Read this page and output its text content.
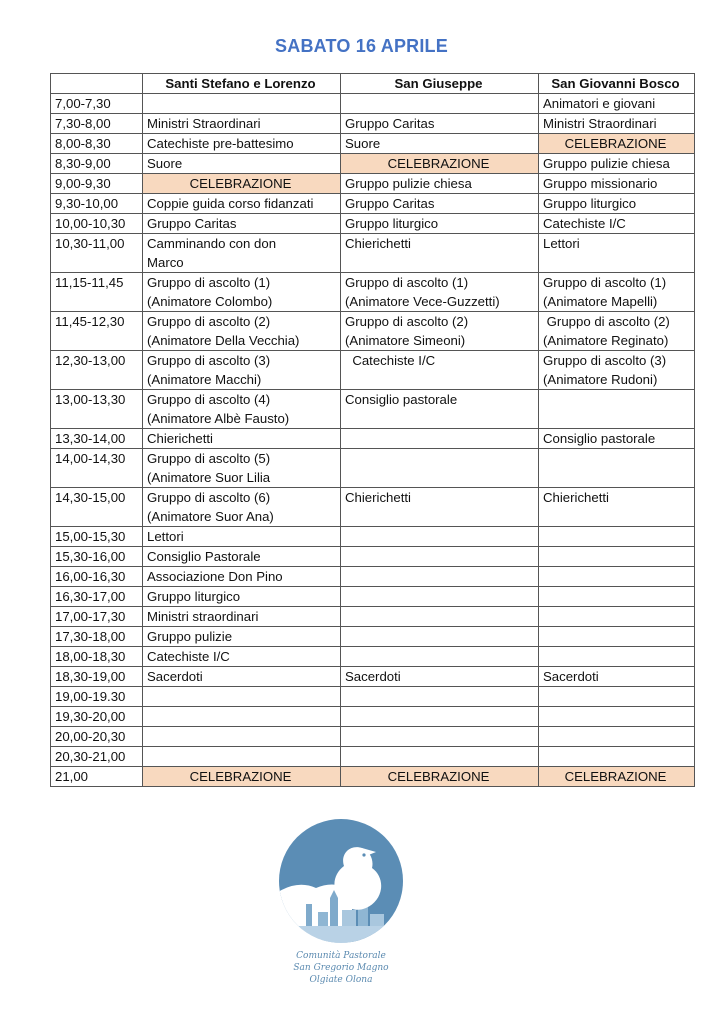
SABATO 16 APRILE
	Santi Stefano e Lorenzo	San Giuseppe	San Giovanni Bosco
7,00-7,30			Animatori e giovani
7,30-8,00	Ministri Straordinari	Gruppo Caritas	Ministri Straordinari
8,00-8,30	Catechiste pre-battesimo	Suore	CELEBRAZIONE
8,30-9,00	Suore	CELEBRAZIONE	Gruppo pulizie chiesa
9,00-9,30	CELEBRAZIONE	Gruppo pulizie chiesa	Gruppo missionario
9,30-10,00	Coppie guida corso fidanzati	Gruppo Caritas	Gruppo liturgico
10,00-10,30	Gruppo Caritas	Gruppo liturgico	Catechiste I/C
10,30-11,00	Camminando con don
Marco	Chierichetti	Lettori
11,15-11,45	Gruppo di ascolto (1)
(Animatore Colombo)	Gruppo di ascolto (1)
(Animatore Vece-Guzzetti)	Gruppo di ascolto (1)
(Animatore Mapelli)
11,45-12,30	Gruppo di ascolto (2)
(Animatore Della Vecchia)	Gruppo di ascolto (2)
(Animatore Simeoni)	Gruppo di ascolto (2)
(Animatore Reginato)
12,30-13,00	Gruppo di ascolto (3)
(Animatore Macchi)	Catechiste I/C	Gruppo di ascolto (3)
(Animatore Rudoni)
13,00-13,30	Gruppo di ascolto (4)
(Animatore Albè Fausto)	Consiglio pastorale	
13,30-14,00	Chierichetti		Consiglio pastorale
14,00-14,30	Gruppo di ascolto (5)
(Animatore Suor Lilia		
14,30-15,00	Gruppo di ascolto (6)
(Animatore Suor Ana)	Chierichetti	Chierichetti
15,00-15,30	Lettori		
15,30-16,00	Consiglio Pastorale		
16,00-16,30	Associazione Don Pino		
16,30-17,00	Gruppo liturgico		
17,00-17,30	Ministri straordinari		
17,30-18,00	Gruppo pulizie		
18,00-18,30	Catechiste I/C		
18,30-19,00	Sacerdoti	Sacerdoti	Sacerdoti
19,00-19.30			
19,30-20,00			
20,00-20,30			
20,30-21,00			
21,00	CELEBRAZIONE	CELEBRAZIONE	CELEBRAZIONE
Comunità Pastorale
San Gregorio Magno
Olgiate Olona
